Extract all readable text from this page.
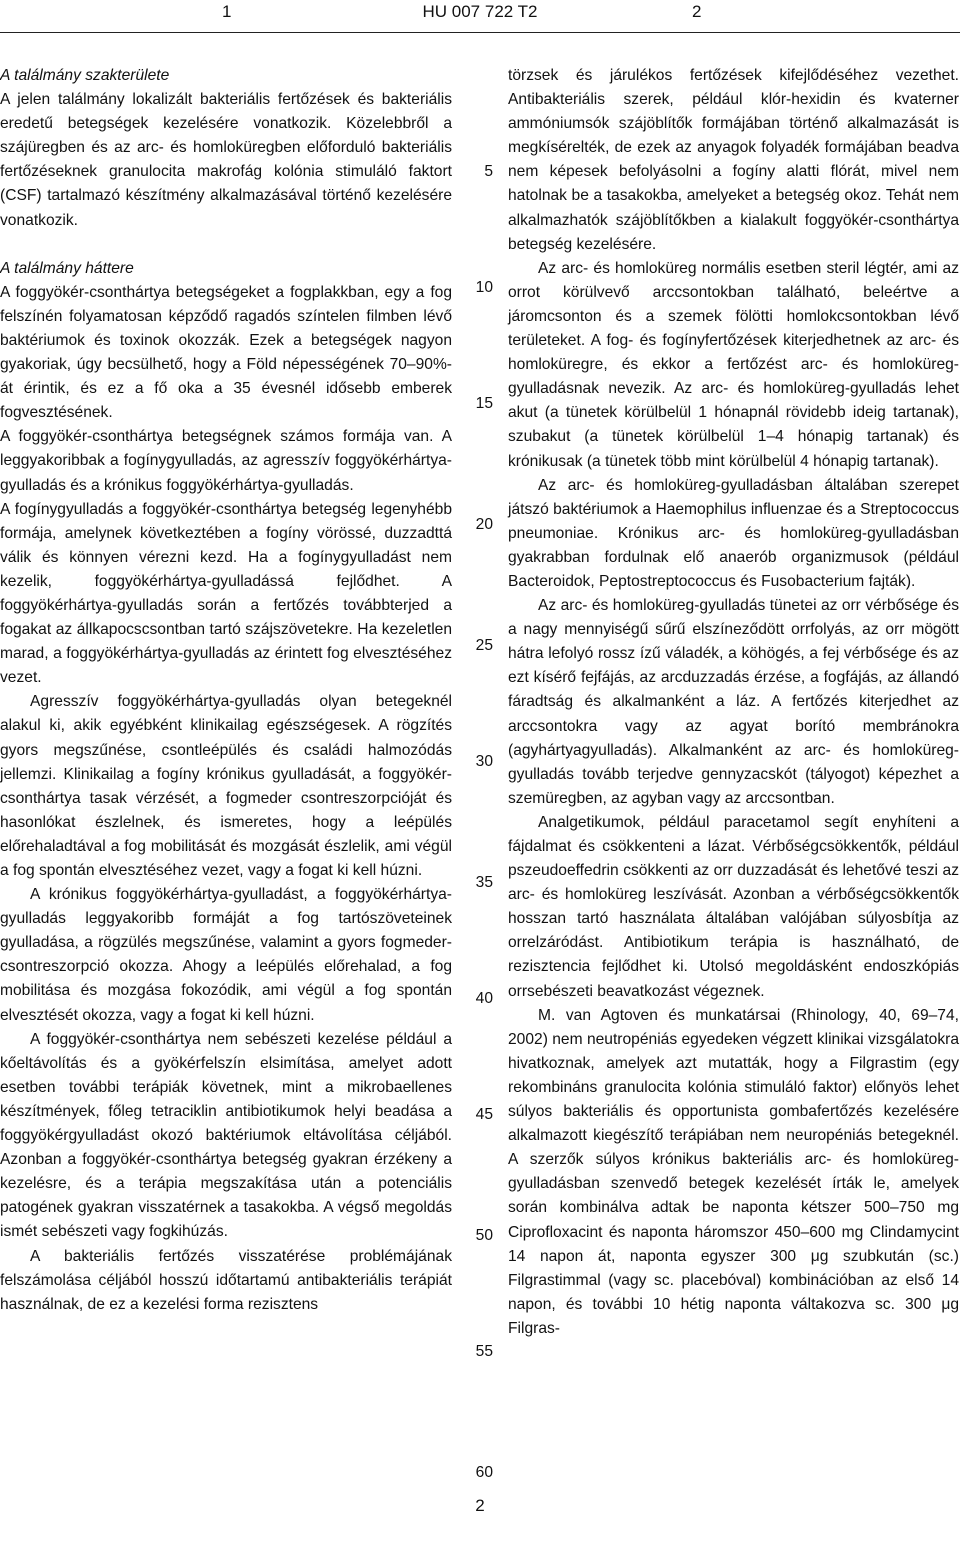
1	HU 007 722 T2	2
A találmány szakterülete

A jelen találmány lokalizált bakteriális fertőzések és bakteriális eredetű betegségek kezelésére vonatkozik. Közelebbről a szájüregben és az arc- és homloküregben előforduló bakteriális fertőzéseknek granulocita makrofág kolónia stimuláló faktort (CSF) tartalmazó készítmény alkalmazásával történő kezelésére vonatkozik.

A találmány háttere

A foggyökér-csonthártya betegségeket a fogplakkban, egy a fog felszínén folyamatosan képződő ragadós színtelen filmben lévő baktériumok és toxinok okozzák. Ezek a betegségek nagyon gyakoriak, úgy becsülhető, hogy a Föld népességének 70–90%-át érintik, és ez a fő oka a 35 évesnél idősebb emberek fogvesztésének.

A foggyökér-csonthártya betegségnek számos formája van. A leggyakoribbak a fogínygyulladás, az agresszív foggyökérhártya-gyulladás és a krónikus foggyökérhártya-gyulladás.

A fogínygyulladás a foggyökér-csonthártya betegség legenyhébb formája, amelynek következtében a fogíny vörössé, duzzadttá válik és könnyen vérezni kezd. Ha a fogínygyulladást nem kezelik, foggyökérhártya-gyulladássá fejlődhet. A foggyökérhártya-gyulladás során a fertőzés továbbterjed a fogakat az állkapocscsontban tartó szájszövetekre. Ha kezeletlen marad, a foggyökérhártya-gyulladás az érintett fog elvesztéséhez vezet.

Agresszív foggyökérhártya-gyulladás olyan betegeknél alakul ki, akik egyébként klinikailag egészségesek. A rögzítés gyors megszűnése, csontleépülés és családi halmozódás jellemzi. Klinikailag a fogíny krónikus gyulladását, a foggyökér-csonthártya tasak vérzését, a fogmeder csontreszorpcióját és hasonlókat észlelnek, és ismeretes, hogy a leépülés előrehaladtával a fog mobilitását és mozgását észlelik, ami végül a fog spontán elvesztéséhez vezet, vagy a fogat ki kell húzni.

A krónikus foggyökérhártya-gyulladást, a foggyökérhártya-gyulladás leggyakoribb formáját a fog tartószöveteinek gyulladása, a rögzülés megszűnése, valamint a gyors fogmeder-csontreszorpció okozza. Ahogy a leépülés előrehalad, a fog mobilitása és mozgása fokozódik, ami végül a fog spontán elvesztését okozza, vagy a fogat ki kell húzni.

A foggyökér-csonthártya nem sebészeti kezelése például a kőeltávolítás és a gyökérfelszín elsimítása, amelyet adott esetben további terápiák követnek, mint a mikrobaellenes készítmények, főleg tetraciklin antibiotikumok helyi beadása a foggyökérgyulladást okozó baktériumok eltávolítása céljából. Azonban a foggyökér-csonthártya betegség gyakran érzékeny a kezelésre, és a terápia megszakítása után a potenciális patogének gyakran visszatérnek a tasakokba. A végső megoldás ismét sebészeti vagy fogkihúzás.

A bakteriális fertőzés visszatérése problémájának felszámolása céljából hosszú időtartamú antibakteriális terápiát használnak, de ez a kezelési forma rezisztens

5
10
15
20
25
30
35
40
45
50
55
60

törzsek és járulékos fertőzések kifejlődéséhez vezethet. Antibakteriális szerek, például klór-hexidin és kvaterner ammóniumsók szájöblítők formájában történő alkalmazását is megkísérelték, de ezek az anyagok folyadék formájában beadva nem képesek befolyásolni a fogíny alatti flórát, mivel nem hatolnak be a tasakokba, amelyeket a betegség okoz. Tehát nem alkalmazhatók szájöblítőkben a kialakult foggyökér-csonthártya betegség kezelésére.

Az arc- és homloküreg normális esetben steril légtér, ami az orrot körülvevő arccsontokban található, beleértve a járomcsonton és a szemek fölötti homlokcsontokban lévő területeket. A fog- és fogínyfertőzések kiterjedhetnek az arc- és homloküregre, és ekkor a fertőzést arc- és homloküreg-gyulladásnak nevezik. Az arc- és homloküreg-gyulladás lehet akut (a tünetek körülbelül 1 hónapnál rövidebb ideig tartanak), szubakut (a tünetek körülbelül 1–4 hónapig tartanak) és krónikusak (a tünetek több mint körülbelül 4 hónapig tartanak).

Az arc- és homloküreg-gyulladásban általában szerepet játszó baktériumok a Haemophilus influenzae és a Streptococcus pneumoniae. Krónikus arc- és homloküreg-gyulladásban gyakrabban fordulnak elő anaerób organizmusok (például Bacteroidok, Peptostreptococcus és Fusobacterium fajták).

Az arc- és homloküreg-gyulladás tünetei az orr vérbősége és a nagy mennyiségű sűrű elszíneződött orrfolyás, az orr mögött hátra lefolyó rossz ízű váladék, a köhögés, a fej vérbősége és az ezt kísérő fejfájás, az arcduzzadás érzése, a fogfájás, az állandó fáradtság és alkalmanként a láz. A fertőzés kiterjedhet az arccsontokra vagy az agyat borító membránokra (agyhártyagyulladás). Alkalmanként az arc- és homloküreg-gyulladás tovább terjedve gennyzacskót (tályogot) képezhet a szemüregben, az agyban vagy az arccsontban.

Analgetikumok, például paracetamol segít enyhíteni a fájdalmat és csökkenteni a lázat. Vérbőségcsökkentők, például pszeudoeffedrin csökkenti az orr duzzadását és lehetővé teszi az arc- és homloküreg leszívását. Azonban a vérbőségcsökkentők hosszan tartó használata általában valójában súlyosbítja az orrelzáródást. Antibiotikum terápia is használható, de rezisztencia fejlődhet ki. Utolsó megoldásként endoszkópiás orrsebészeti beavatkozást végeznek.

M. van Agtoven és munkatársai (Rhinology, 40, 69–74, 2002) nem neutropéniás egyedeken végzett klinikai vizsgálatokra hivatkoznak, amelyek azt mutatták, hogy a Filgrastim (egy rekombináns granulocita kolónia stimuláló faktor) előnyös lehet súlyos bakteriális és opportunista gombafertőzés kezelésére alkalmazott kiegészítő terápiában nem neuropéniás betegeknél. A szerzők súlyos krónikus bakteriális arc- és homloküreg-gyulladásban szenvedő betegek kezelését írták le, amelyek során kombinálva adtak be naponta kétszer 500–750 mg Ciprofloxacint és naponta háromszor 450–600 mg Clindamycint 14 napon át, naponta egyszer 300 μg szubkután (sc.) Filgrastimmal (vagy sc. placebóval) kombinációban az első 14 napon, és további 10 hétig naponta váltakozva sc. 300 μg Filgras-

2
